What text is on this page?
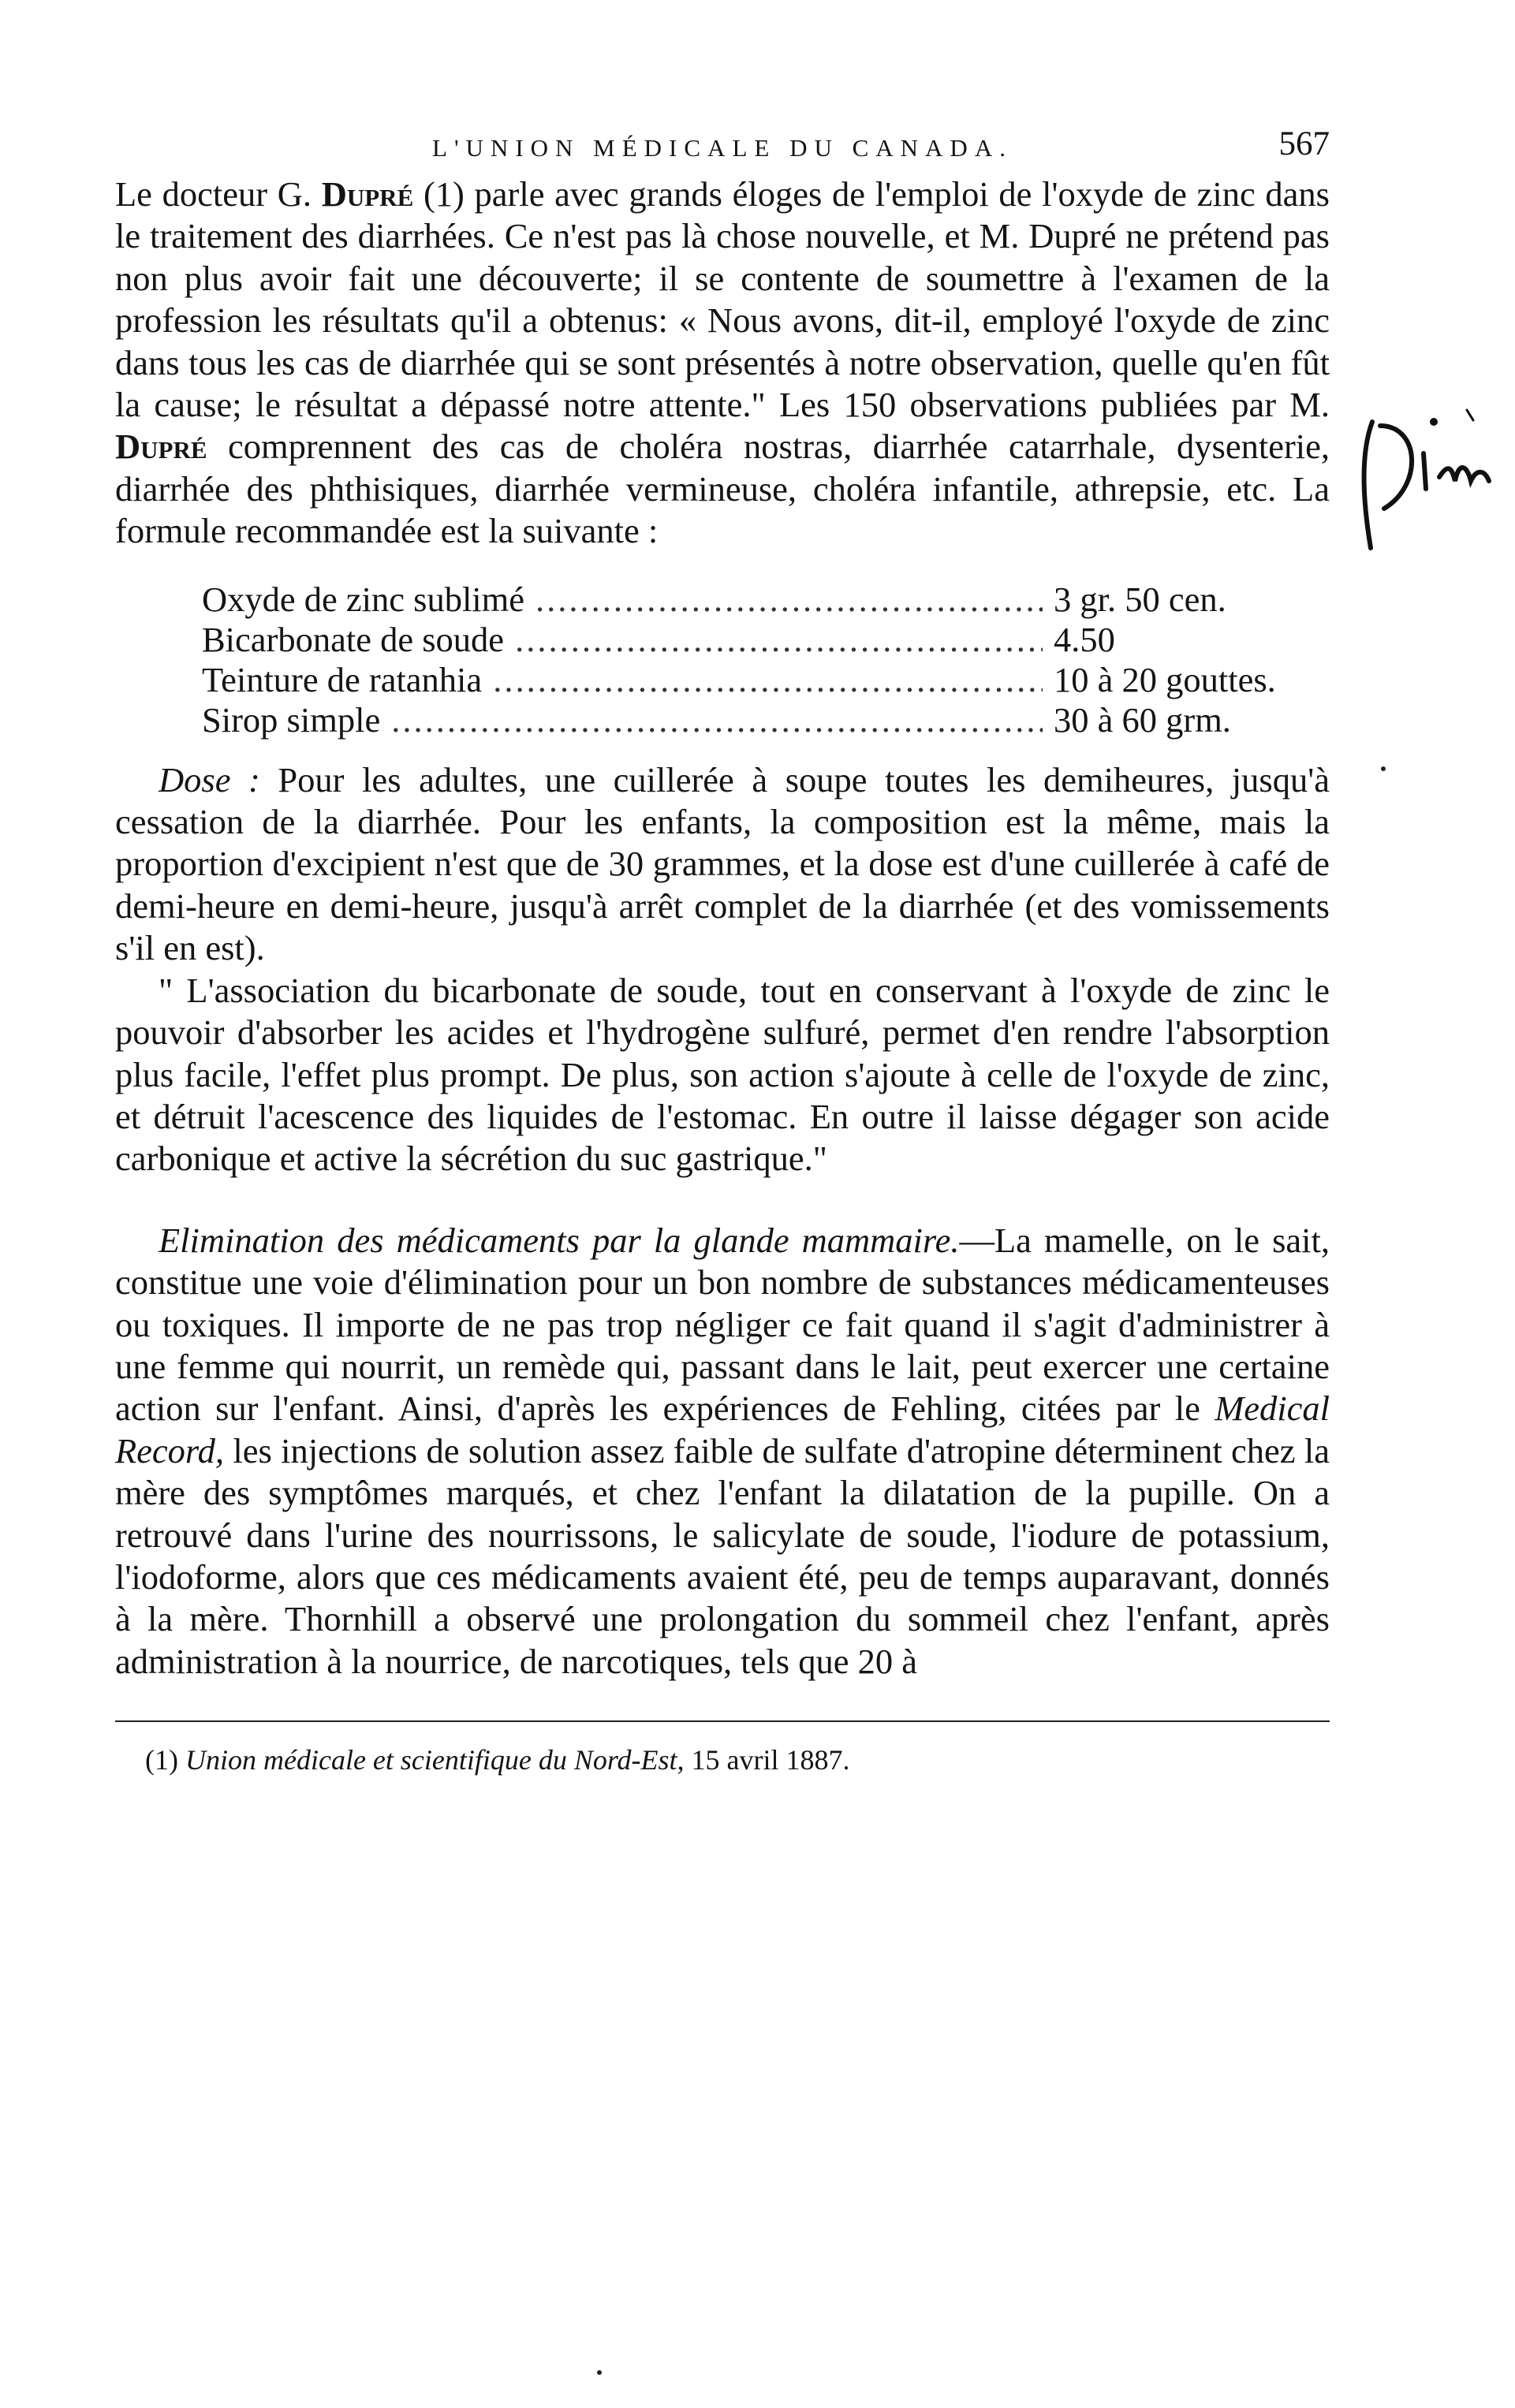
L'UNION MÉDICALE DU CANADA.	567

Le docteur G. Dupré (1) parle avec grands éloges de l'emploi de l'oxyde de zinc dans le traitement des diarrhées. Ce n'est pas là chose nouvelle, et M. Dupré ne prétend pas non plus avoir fait une découverte; il se contente de soumettre à l'examen de la profession les résultats qu'il a obtenus: « Nous avons, dit-il, employé l'oxyde de zinc dans tous les cas de diarrhée qui se sont présentés à notre observation, quelle qu'en fût la cause; le résultat a dépassé notre attente." Les 150 observations publiées par M. Dupré comprennent des cas de choléra nostras, diarrhée catarrhale, dysenterie, diarrhée des phthisiques, diarrhée vermineuse, choléra infantile, athrepsie, etc. La formule recommandée est la suivante :

Oxyde de zinc sublimé .....	3 gr. 50 cen.
Bicarbonate de soude .....	4.50
Teinture de ratanhia .....	10 à 20 gouttes.
Sirop simple .....	30 à 60 grm.

Dose : Pour les adultes, une cuillerée à soupe toutes les demiheures, jusqu'à cessation de la diarrhée. Pour les enfants, la composition est la même, mais la proportion d'excipient n'est que de 30 grammes, et la dose est d'une cuillerée à café de demi-heure en demi-heure, jusqu'à arrêt complet de la diarrhée (et des vomissements s'il en est).

" L'association du bicarbonate de soude, tout en conservant à l'oxyde de zinc le pouvoir d'absorber les acides et l'hydrogène sulfuré, permet d'en rendre l'absorption plus facile, l'effet plus prompt. De plus, son action s'ajoute à celle de l'oxyde de zinc, et détruit l'acescence des liquides de l'estomac. En outre il laisse dégager son acide carbonique et active la sécrétion du suc gastrique."

Elimination des médicaments par la glande mammaire.—La mamelle, on le sait, constitue une voie d'élimination pour un bon nombre de substances médicamenteuses ou toxiques. Il importe de ne pas trop négliger ce fait quand il s'agit d'administrer à une femme qui nourrit, un remède qui, passant dans le lait, peut exercer une certaine action sur l'enfant. Ainsi, d'après les expériences de Fehling, citées par le Medical Record, les injections de solution assez faible de sulfate d'atropine déterminent chez la mère des symptômes marqués, et chez l'enfant la dilatation de la pupille. On a retrouvé dans l'urine des nourrissons, le salicylate de soude, l'iodure de potassium, l'iodoforme, alors que ces médicaments avaient été, peu de temps auparavant, donnés à la mère. Thornhill a observé une prolongation du sommeil chez l'enfant, après administration à la nourrice, de narcotiques, tels que 20 à

(1) Union médicale et scientifique du Nord-Est, 15 avril 1887.
